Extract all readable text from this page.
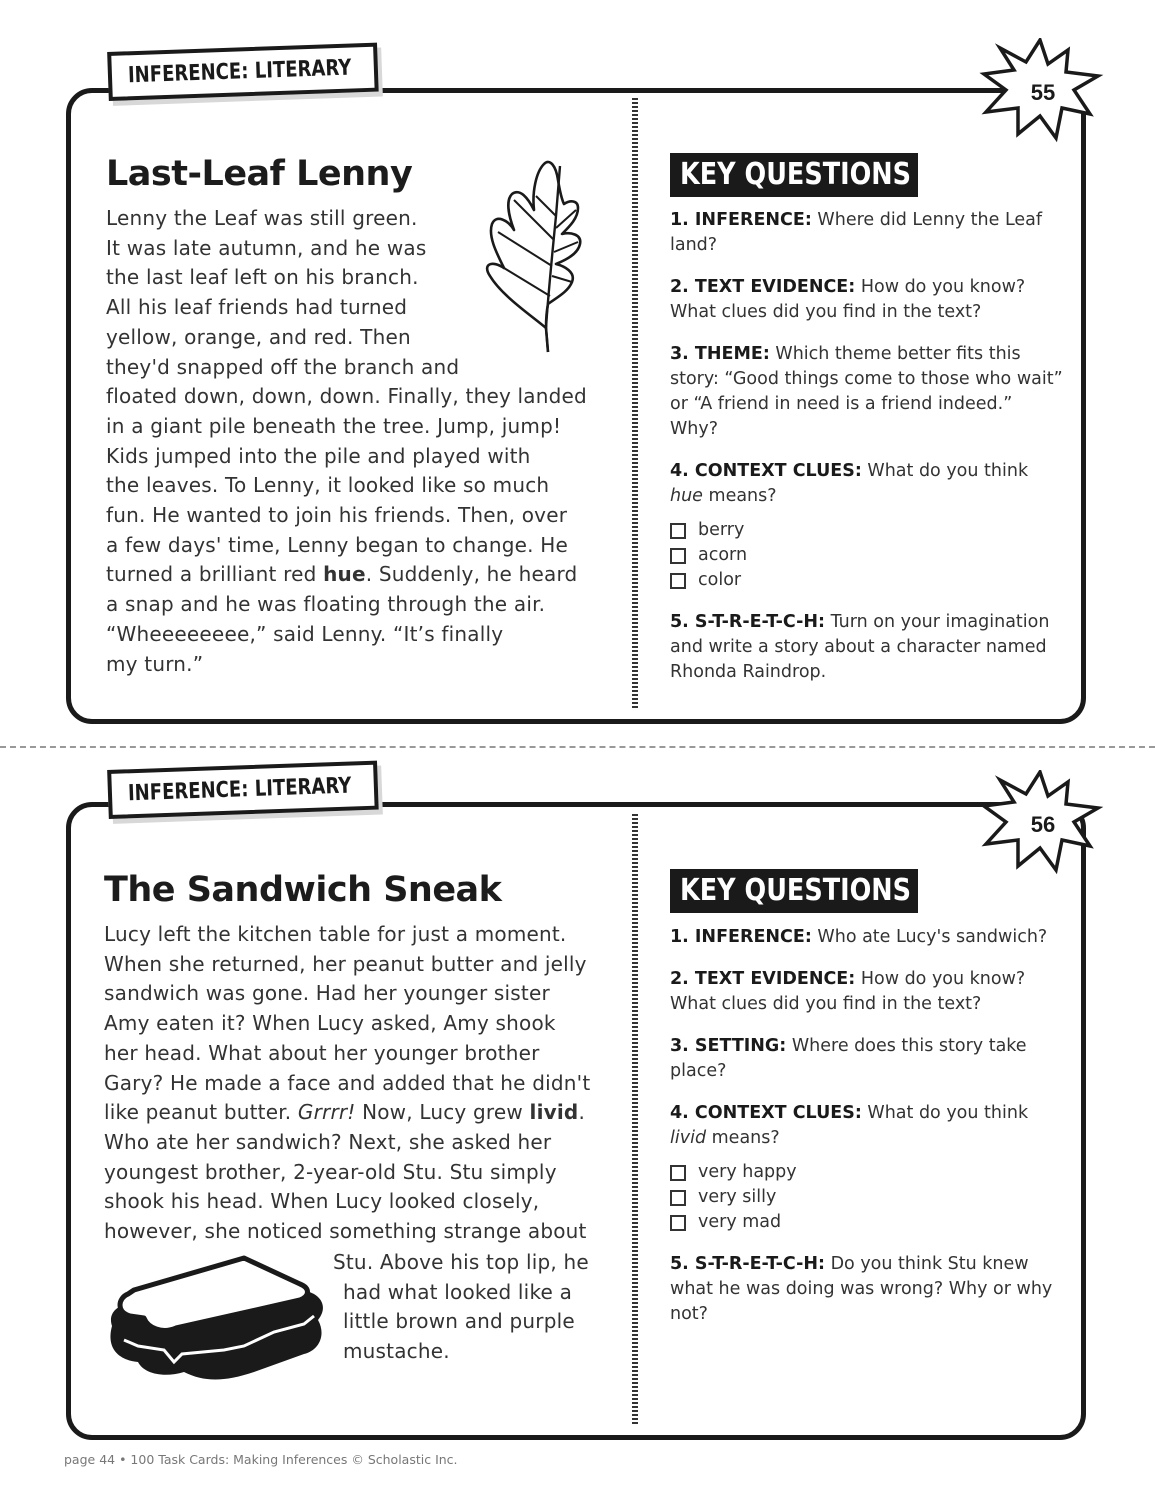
INFERENCE: LITERARY
55
Last-Leaf Lenny
Lenny the Leaf was still green.
It was late autumn, and he was
the last leaf left on his branch.
All his leaf friends had turned
yellow, orange, and red. Then
they'd snapped off the branch and
floated down, down, down. Finally, they landed
in a giant pile beneath the tree. Jump, jump!
Kids jumped into the pile and played with
the leaves. To Lenny, it looked like so much
fun. He wanted to join his friends. Then, over
a few days' time, Lenny began to change. He
turned a brilliant red hue. Suddenly, he heard
a snap and he was floating through the air.
“Wheeeeeeee,” said Lenny. “It’s finally
my turn.”
KEY QUESTIONS
1. INFERENCE: Where did Lenny the Leaf land?
2. TEXT EVIDENCE: How do you know? What clues did you find in the text?
3. THEME: Which theme better fits this story: “Good things come to those who wait” or “A friend in need is a friend indeed.” Why?
4. CONTEXT CLUES: What do you think
hue means?
berry
acorn
color
5. S-T-R-E-T-C-H: Turn on your imagination and write a story about a character named Rhonda Raindrop.
INFERENCE: LITERARY
56
The Sandwich Sneak
Lucy left the kitchen table for just a moment.
When she returned, her peanut butter and jelly
sandwich was gone. Had her younger sister
Amy eaten it? When Lucy asked, Amy shook
her head. What about her younger brother
Gary? He made a face and added that he didn't
like peanut butter. Grrrr! Now, Lucy grew livid.
Who ate her sandwich? Next, she asked her
youngest brother, 2-year-old Stu. Stu simply
shook his head. When Lucy looked closely,
however, she noticed something strange about
Stu. Above his top lip, he
had what looked like a
little brown and purple
mustache.
KEY QUESTIONS
1. INFERENCE: Who ate Lucy's sandwich?
2. TEXT EVIDENCE: How do you know? What clues did you find in the text?
3. SETTING: Where does this story take place?
4. CONTEXT CLUES: What do you think
livid means?
very happy
very silly
very mad
5. S-T-R-E-T-C-H: Do you think Stu knew what he was doing was wrong? Why or why not?
page 44 • 100 Task Cards: Making Inferences © Scholastic Inc.
